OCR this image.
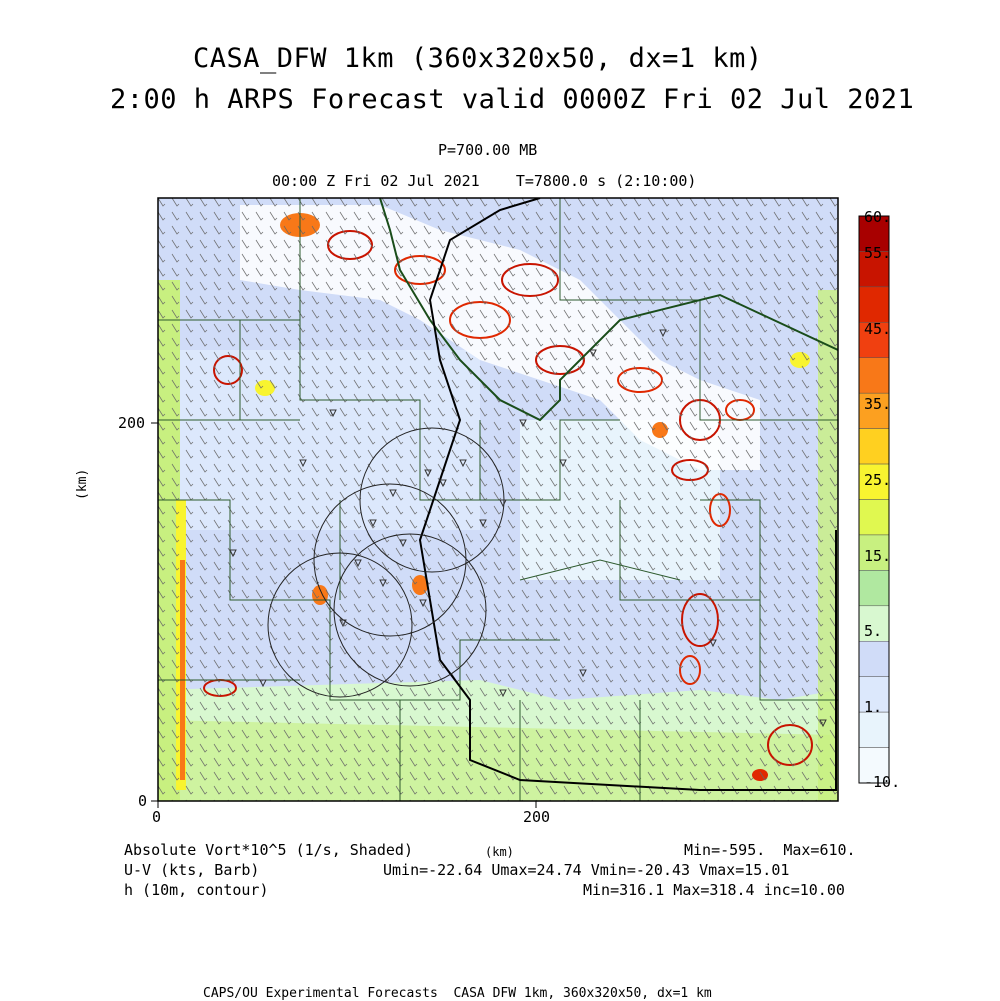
CASA_DFW 1km (360x320x50, dx=1 km)
2:00 h ARPS Forecast valid 0000Z Fri 02 Jul 2021
P=700.00 MB
00:00 Z Fri 02 Jul 2021    T=7800.0 s (2:10:00)
0	200
0
200
(km)
60.
55.
45.
35.
25.
15.
5.
1.
-10.
Absolute Vort*10^5 (1/s, Shaded)	(km)	Min=-595.  Max=610.
U-V (kts, Barb)	Umin=-22.64 Umax=24.74 Vmin=-20.43 Vmax=15.01
h (10m, contour)	Min=316.1 Max=318.4 inc=10.00
CAPS/OU Experimental Forecasts  CASA DFW 1km, 360x320x50, dx=1 km
